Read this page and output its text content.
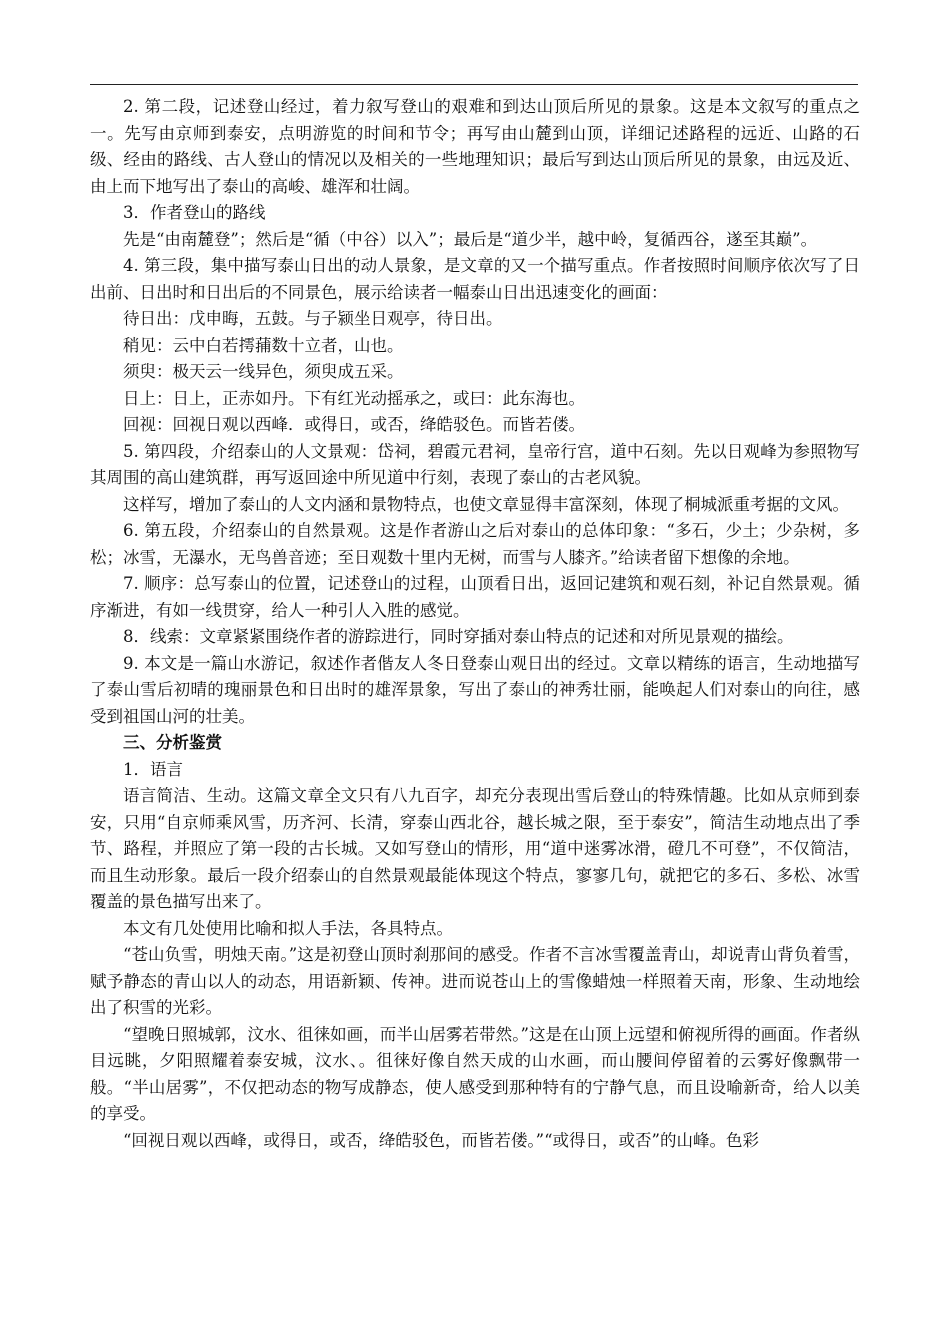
2. 第二段，记述登山经过，着力叙写登山的艰难和到达山顶后所见的景象。这是本文叙写的重点之一。先写由京师到泰安，点明游览的时间和节令；再写由山麓到山顶，详细记述路程的远近、山路的石级、经由的路线、古人登山的情况以及相关的一些地理知识；最后写到达山顶后所见的景象，由远及近、由上而下地写出了泰山的高峻、雄浑和壮阔。

3．作者登山的路线

先是“由南麓登”；然后是“循（中谷）以入”；最后是“道少半，越中岭，复循西谷，遂至其巅”。

4. 第三段，集中描写泰山日出的动人景象，是文章的又一个描写重点。作者按照时间顺序依次写了日出前、日出时和日出后的不同景色，展示给读者一幅泰山日出迅速变化的画面：

待日出：戊申晦，五鼓。与子颍坐日观亭，待日出。

稍见：云中白若摴蒱数十立者，山也。

须臾：极天云一线异色，须臾成五采。

日上：日上，正赤如丹。下有红光动摇承之，或曰：此东海也。

回视：回视日观以西峰．或得日，或否，绛皓驳色。而皆若偻。

5. 第四段，介绍泰山的人文景观：岱祠，碧霞元君祠，皇帝行宫，道中石刻。先以日观峰为参照物写其周围的高山建筑群，再写返回途中所见道中行刻，表现了泰山的古老风貌。

这样写，增加了泰山的人文内涵和景物特点，也使文章显得丰富深刻，体现了桐城派重考据的文风。

6. 第五段，介绍泰山的自然景观。这是作者游山之后对泰山的总体印象：“多石，少土；少杂树，多松；冰雪，无瀑水，无鸟兽音迹；至日观数十里内无树，而雪与人膝齐。”给读者留下想像的余地。

7. 顺序：总写泰山的位置，记述登山的过程，山顶看日出，返回记建筑和观石刻，补记自然景观。循序渐进，有如一线贯穿，给人一种引人入胜的感觉。

8．线索：文章紧紧围绕作者的游踪进行，同时穿插对泰山特点的记述和对所见景观的描绘。

9. 本文是一篇山水游记，叙述作者偕友人冬日登泰山观日出的经过。文章以精练的语言，生动地描写了泰山雪后初晴的瑰丽景色和日出时的雄浑景象，写出了泰山的神秀壮丽，能唤起人们对泰山的向往，感受到祖国山河的壮美。

三、分析鉴赏

1．语言

语言简洁、生动。这篇文章全文只有八九百字，却充分表现出雪后登山的特殊情趣。比如从京师到泰安，只用“自京师乘风雪，历齐河、长清，穿泰山西北谷，越长城之限，至于泰安”，简洁生动地点出了季节、路程，并照应了第一段的古长城。又如写登山的情形，用“道中迷雾冰滑，磴几不可登”，不仅简洁，而且生动形象。最后一段介绍泰山的自然景观最能体现这个特点，寥寥几句，就把它的多石、多松、冰雪覆盖的景色描写出来了。

本文有几处使用比喻和拟人手法，各具特点。

“苍山负雪，明烛天南。”这是初登山顶时刹那间的感受。作者不言冰雪覆盖青山，却说青山背负着雪，赋予静态的青山以人的动态，用语新颖、传神。进而说苍山上的雪像蜡烛一样照着天南，形象、生动地绘出了积雪的光彩。

“望晚日照城郭，汶水、徂徕如画，而半山居雾若带然。”这是在山顶上远望和俯视所得的画面。作者纵目远眺，夕阳照耀着泰安城，汶水、。徂徕好像自然天成的山水画，而山腰间停留着的云雾好像飘带一般。“半山居雾”，不仅把动态的物写成静态，使人感受到那种特有的宁静气息，而且设喻新奇，给人以美的享受。

“回视日观以西峰，或得日，或否，绛皓驳色，而皆若偻。”“或得日，或否”的山峰。色彩
